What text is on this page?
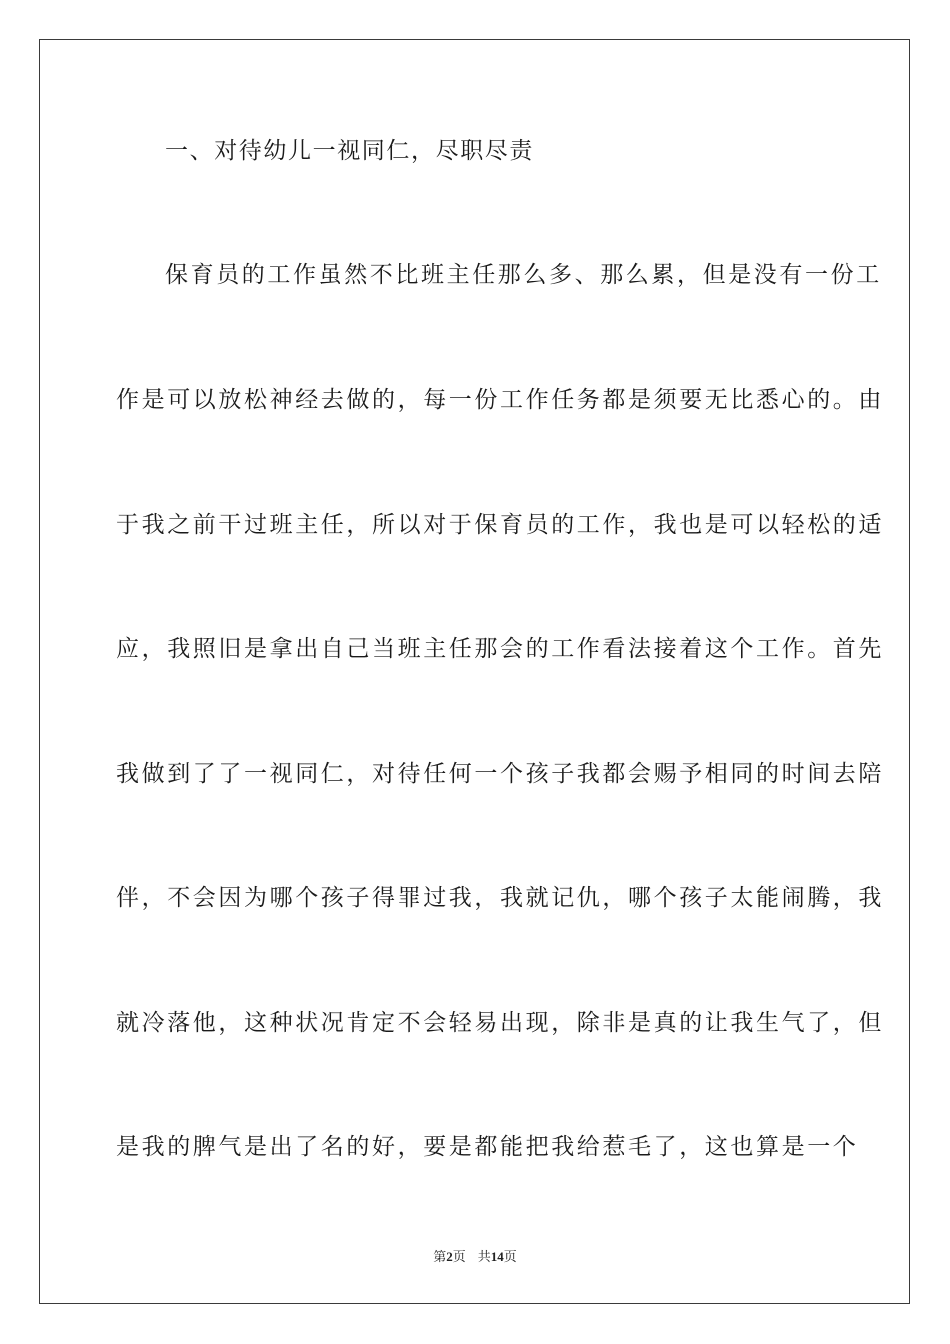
一、对待幼儿一视同仁，尽职尽责
保育员的工作虽然不比班主任那么多、那么累，但是没有一份工
作是可以放松神经去做的，每一份工作任务都是须要无比悉心的。由
于我之前干过班主任，所以对于保育员的工作，我也是可以轻松的适
应，我照旧是拿出自己当班主任那会的工作看法接着这个工作。首先
我做到了了一视同仁，对待任何一个孩子我都会赐予相同的时间去陪
伴，不会因为哪个孩子得罪过我，我就记仇，哪个孩子太能闹腾，我
就冷落他，这种状况肯定不会轻易出现，除非是真的让我生气了，但
是我的脾气是出了名的好，要是都能把我给惹毛了，这也算是一个
第2页 共14页
